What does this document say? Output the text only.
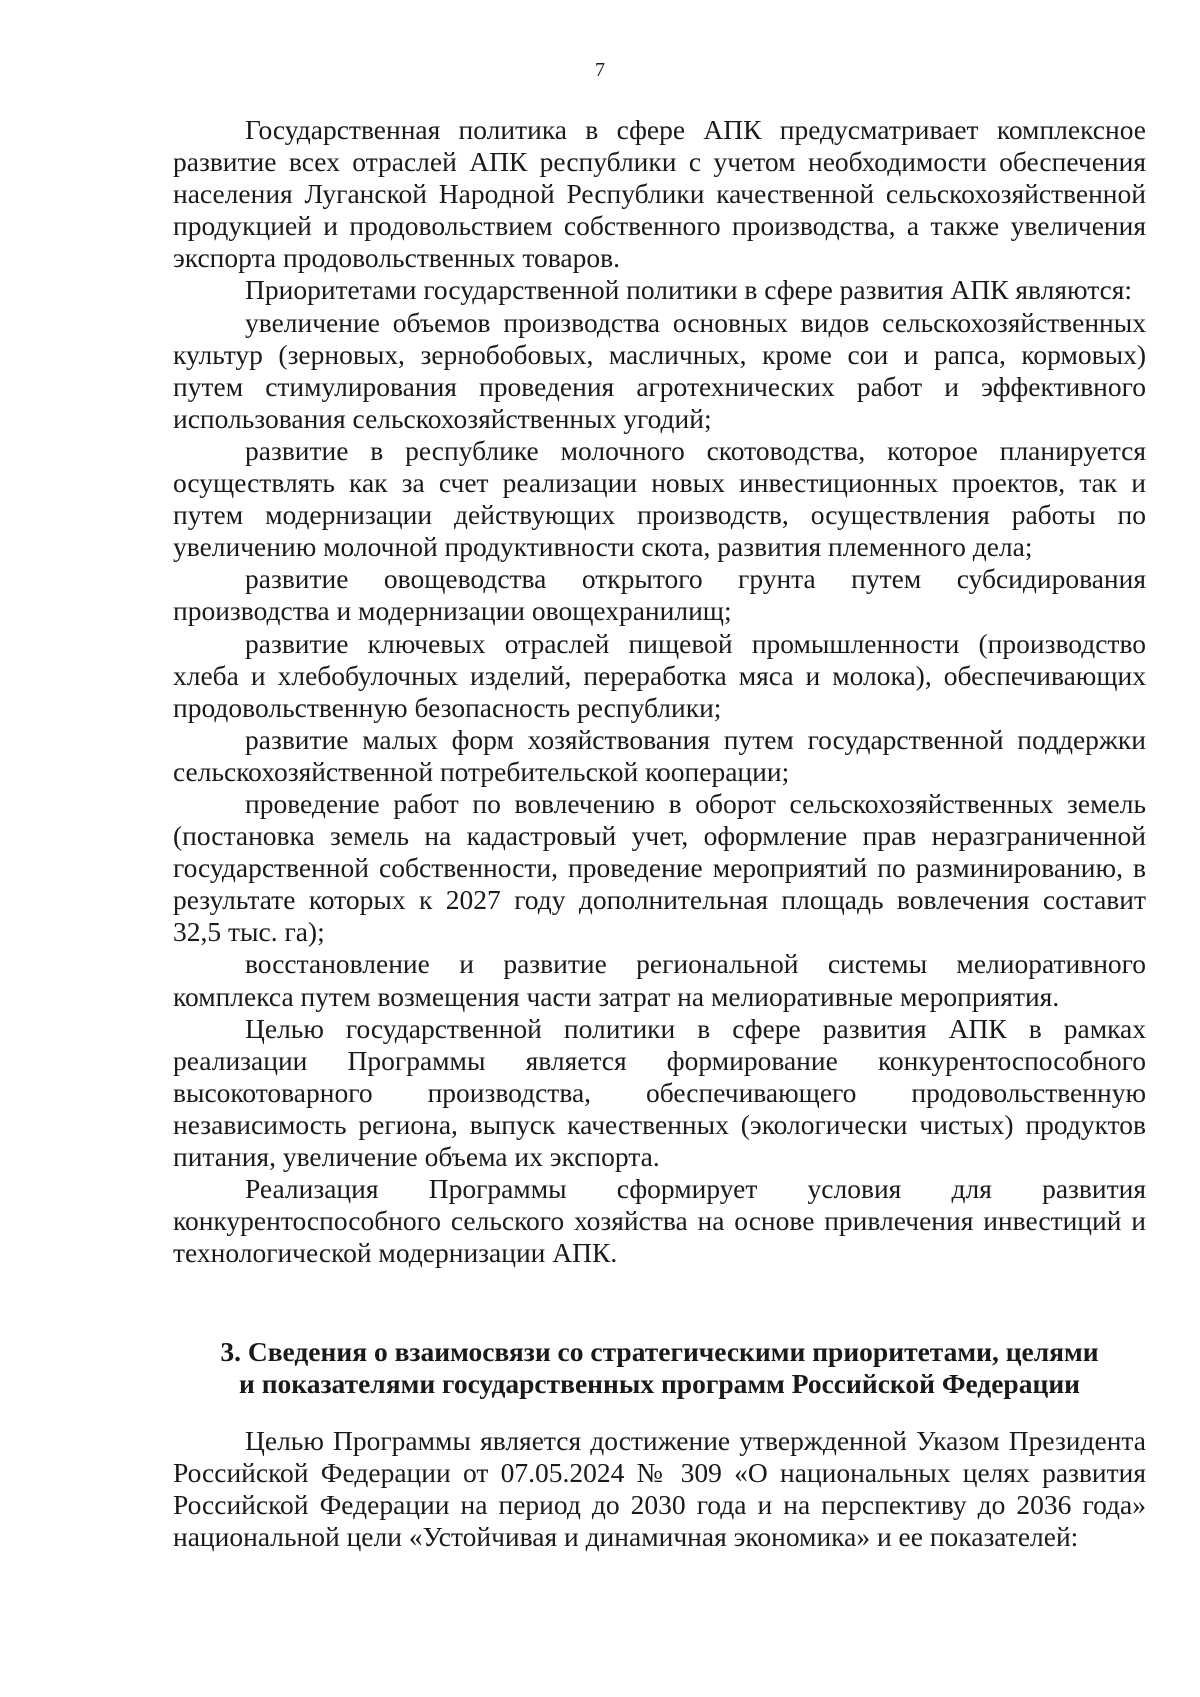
7

Государственная политика в сфере АПК предусматривает комплексное развитие всех отраслей АПК республики с учетом необходимости обеспечения населения Луганской Народной Республики качественной сельскохозяйственной продукцией и продовольствием собственного производства, а также увеличения экспорта продовольственных товаров.

Приоритетами государственной политики в сфере развития АПК являются:

увеличение объемов производства основных видов сельскохозяйственных культур (зерновых, зернобобовых, масличных, кроме сои и рапса, кормовых) путем стимулирования проведения агротехнических работ и эффективного использования сельскохозяйственных угодий;

развитие в республике молочного скотоводства, которое планируется осуществлять как за счет реализации новых инвестиционных проектов, так и путем модернизации действующих производств, осуществления работы по увеличению молочной продуктивности скота, развития племенного дела;

развитие овощеводства открытого грунта путем субсидирования производства и модернизации овощехранилищ;

развитие ключевых отраслей пищевой промышленности (производство хлеба и хлебобулочных изделий, переработка мяса и молока), обеспечивающих продовольственную безопасность республики;

развитие малых форм хозяйствования путем государственной поддержки сельскохозяйственной потребительской кооперации;

проведение работ по вовлечению в оборот сельскохозяйственных земель (постановка земель на кадастровый учет, оформление прав неразграниченной государственной собственности, проведение мероприятий по разминированию, в результате которых к 2027 году дополнительная площадь вовлечения составит 32,5 тыс. га);

восстановление и развитие региональной системы мелиоративного комплекса путем возмещения части затрат на мелиоративные мероприятия.

Целью государственной политики в сфере развития АПК в рамках реализации Программы является формирование конкурентоспособного высокотоварного производства, обеспечивающего продовольственную независимость региона, выпуск качественных (экологически чистых) продуктов питания, увеличение объема их экспорта.

Реализация Программы сформирует условия для развития конкурентоспособного сельского хозяйства на основе привлечения инвестиций и технологической модернизации АПК.

3. Сведения о взаимосвязи со стратегическими приоритетами, целями
и показателями государственных программ Российской Федерации

Целью Программы является достижение утвержденной Указом Президента Российской Федерации от 07.05.2024 № 309 «О национальных целях развития Российской Федерации на период до 2030 года и на перспективу до 2036 года» национальной цели «Устойчивая и динамичная экономика» и ее показателей:
